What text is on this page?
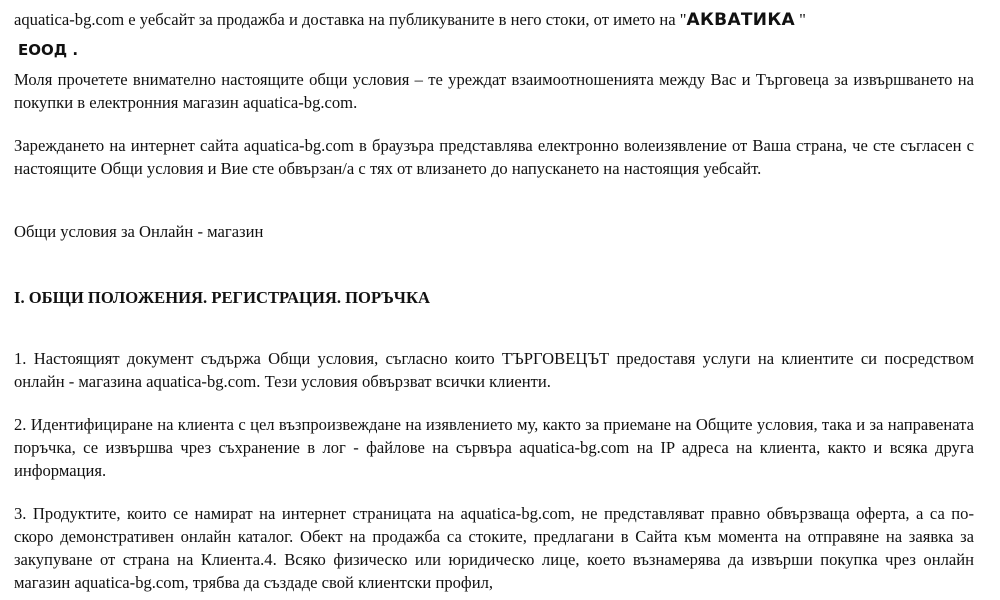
aquatica-bg.com е уебсайт за продажба и доставка на публикуваните в него стоки, от името на "АКВАТИКА "

ЕООД .

Моля прочетете внимателно настоящите общи условия – те уреждат взаимоотношенията между Вас и Търговеца за извършването на покупки в електронния магазин aquatica-bg.com.

Зареждането на интернет сайта aquatica-bg.com в браузъра представлява електронно волеизявление от Ваша страна, че сте съгласен с настоящите Общи условия и Вие сте обвързан/а с тях от влизането до напускането на настоящия уебсайт.

Общи условия за Онлайн - магазин

I. ОБЩИ ПОЛОЖЕНИЯ. РЕГИСТРАЦИЯ. ПОРЪЧКА

1. Настоящият документ съдържа Общи условия, съгласно които ТЪРГОВЕЦЪТ предоставя услуги на клиентите си посредством онлайн - магазина aquatica-bg.com. Тези условия обвързват всички клиенти.

2. Идентифициране на клиента с цел възпроизвеждане на изявлението му, както за приемане на Общите условия, така и за направената поръчка, се извършва чрез съхранение в лог - файлове на сървъра aquatica-bg.com на IP адреса на клиента, както и всяка друга информация.

3. Продуктите, които се намират на интернет страницата на aquatica-bg.com, не представляват правно обвързваща оферта, а са по-скоро демонстративен онлайн каталог. Обект на продажба са стоките, предлагани в Сайта към момента на отправяне на заявка за закупуване от страна на Клиента.4. Всяко физическо или юридическо лице, което възнамерява да извърши покупка чрез онлайн магазин aquatica-bg.com, трябва да създаде свой клиентски профил,
